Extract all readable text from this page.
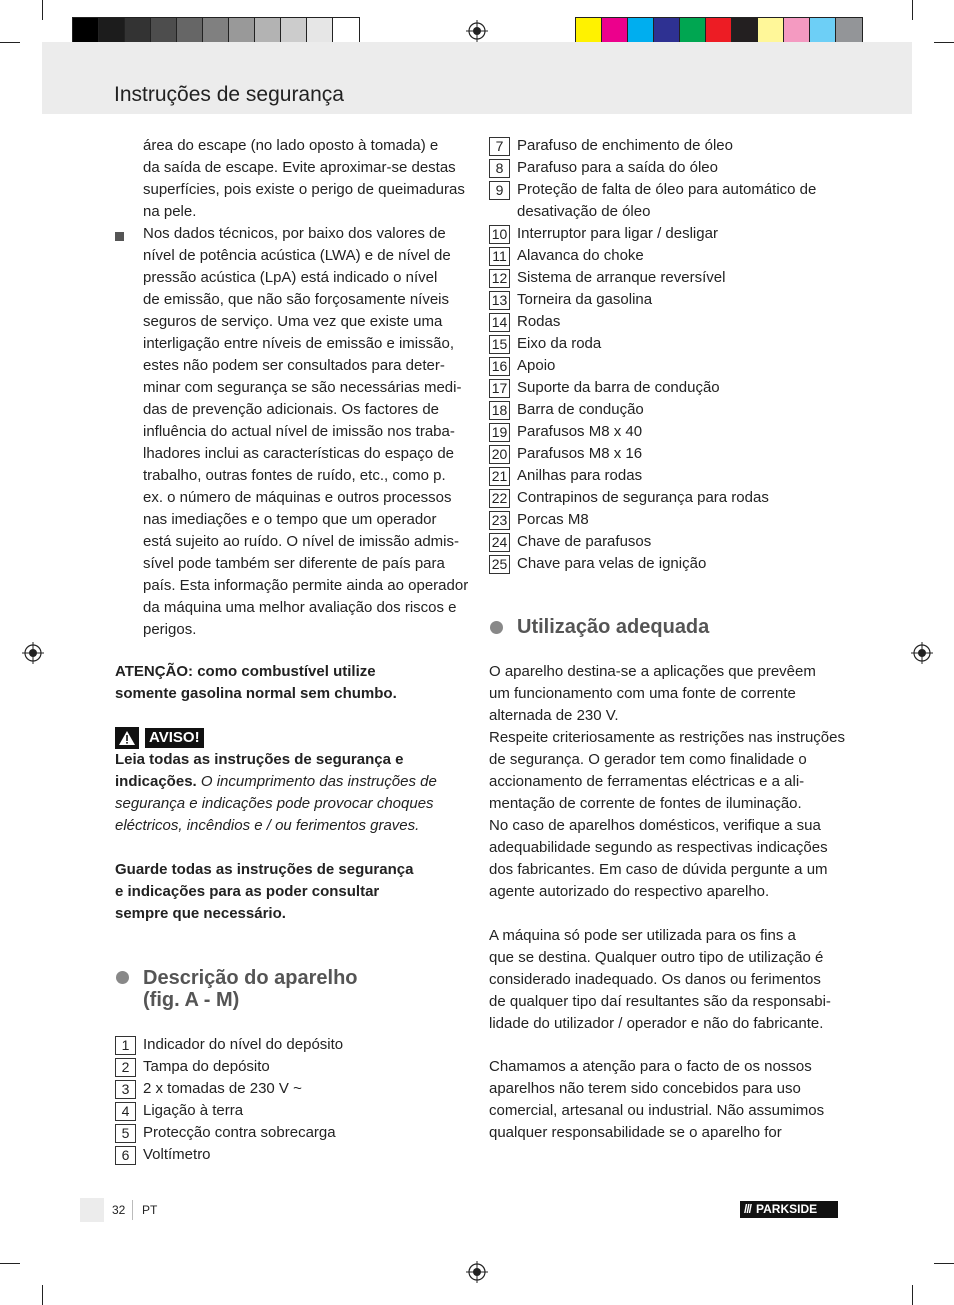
Instruções de segurança

área do escape (no lado oposto à tomada) e

da saída de escape. Evite aproximar-se destas

superfícies, pois existe o perigo de queimaduras

na pele.

Nos dados técnicos, por baixo dos valores de

nível de potência acústica (LWA) e de nível de

pressão acústica (LpA) está indicado o nível

de emissão, que não são forçosamente níveis

seguros de serviço. Uma vez que existe uma

interligação entre níveis de emissão e imissão,

estes não podem ser consultados para deter-

minar com segurança se são necessárias medi-

das de prevenção adicionais. Os factores de

influência do actual nível de imissão nos traba-

lhadores inclui as características do espaço de

trabalho, outras fontes de ruído, etc., como p.

ex. o número de máquinas e outros processos

nas imediações e o tempo que um operador

está sujeito ao ruído. O nível de imissão admis-

sível pode também ser diferente de país para

país. Esta informação permite ainda ao operador

da máquina uma melhor avaliação dos riscos e

perigos.

ATENÇÃO: como combustível utilize

somente gasolina normal sem chumbo.

AVISO!

Leia todas as instruções de segurança e

indicações. O incumprimento das instruções de

segurança e indicações pode provocar choques

eléctricos, incêndios e / ou ferimentos graves.

Guarde todas as instruções de segurança

e indicações para as poder consultar

sempre que necessário.

Descrição do aparelho
(fig. A - M)
1 Indicador do nível do depósito
2 Tampa do depósito
3 2 x tomadas de 230 V ~
4 Ligação à terra
5 Protecção contra sobrecarga
6 Voltímetro
7 Parafuso de enchimento de óleo
8 Parafuso para a saída do óleo
9 Proteção de falta de óleo para automático de
desativação de óleo
10 Interruptor para ligar / desligar
11 Alavanca do choke
12 Sistema de arranque reversível
13 Torneira da gasolina
14 Rodas
15 Eixo da roda
16 Apoio
17 Suporte da barra de condução
18 Barra de condução
19 Parafusos M8 x 40
20 Parafusos M8 x 16
21 Anilhas para rodas
22 Contrapinos de segurança para rodas
23 Porcas M8
24 Chave de parafusos
25 Chave para velas de ignição
Utilização adequada

O aparelho destina-se a aplicações que prevêem

um funcionamento com uma fonte de corrente

alternada de 230 V.

Respeite criteriosamente as restrições nas instruções

de segurança. O gerador tem como finalidade o

accionamento de ferramentas eléctricas e a ali-

mentação de corrente de fontes de iluminação.

No caso de aparelhos domésticos, verifique a sua

adequabilidade segundo as respectivas indicações

dos fabricantes. Em caso de dúvida pergunte a um

agente autorizado do respectivo aparelho.

A máquina só pode ser utilizada para os fins a

que se destina. Qualquer outro tipo de utilização é

considerado inadequado. Os danos ou ferimentos

de qualquer tipo daí resultantes são da responsabi-

lidade do utilizador / operador e não do fabricante.

Chamamos a atenção para o facto de os nossos

aparelhos não terem sido concebidos para uso

comercial, artesanal ou industrial. Não assumimos

qualquer responsabilidade se o aparelho for

32 PT	/// PARKSIDE
